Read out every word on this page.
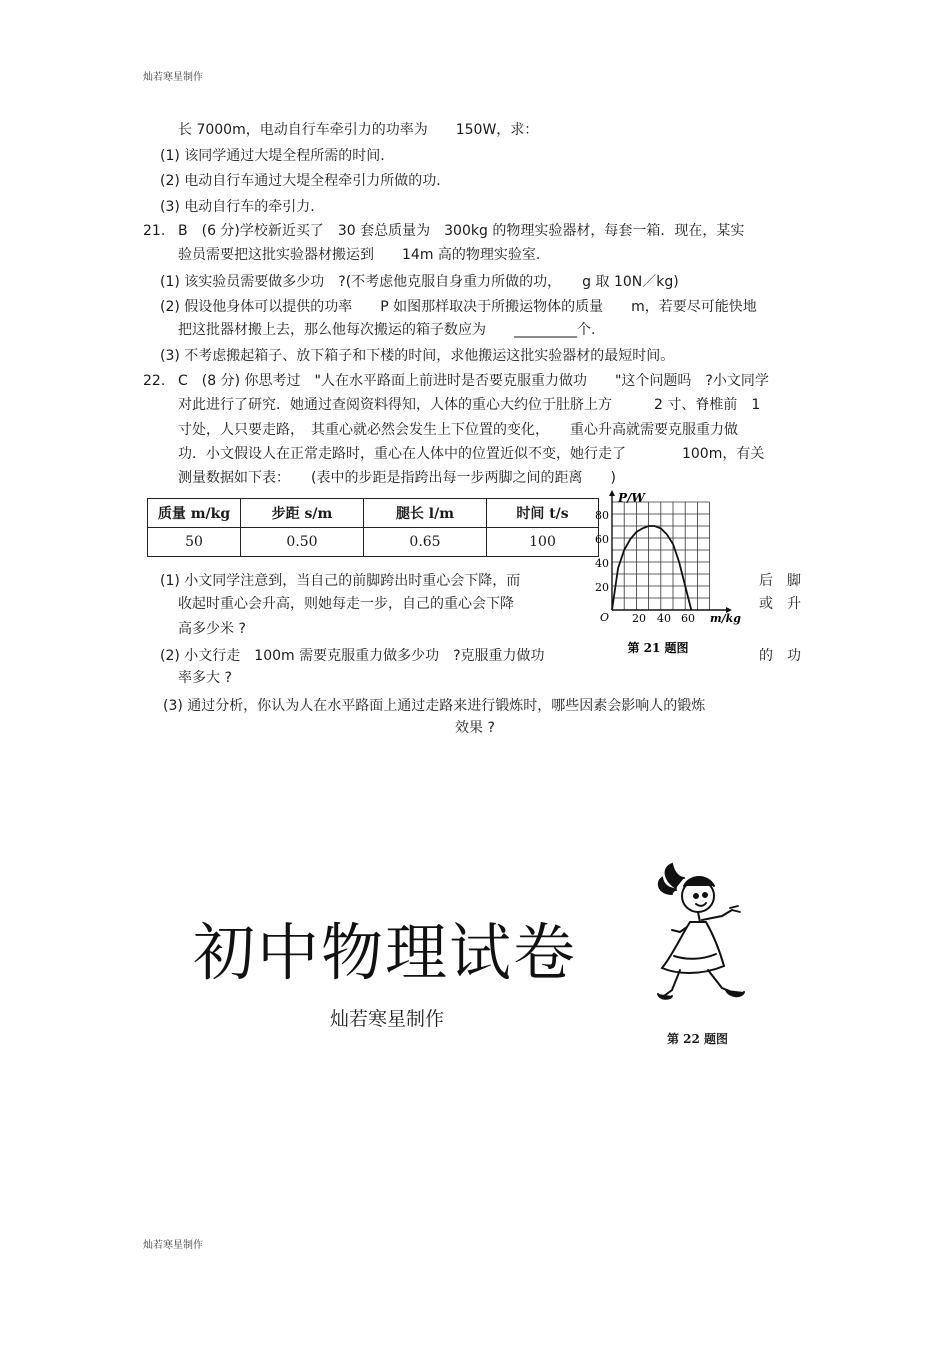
灿若寒星制作
灿若寒星制作
长 7000m，电动自行车牵引力的功率为　　150W，求：
(1) 该同学通过大堤全程所需的时间.
(2) 电动自行车通过大堤全程牵引力所做的功.
(3) 电动自行车的牵引力.
21. B　(6 分)学校新近买了　30 套总质量为　300kg 的物理实验器材，每套一箱．现在，某实
验员需要把这批实验器材搬运到　　14m 高的物理实验室.
(1) 该实验员需要做多少功　?(不考虑他克服自身重力所做的功，　　g 取 10N／kg)
(2) 假设他身体可以提供的功率　　P 如图那样取决于所搬运物体的质量　　m，若要尽可能快地
把这批器材搬上去，那么他每次搬运的箱子数应为　　_________个.
(3) 不考虑搬起箱子、放下箱子和下楼的时间，求他搬运这批实验器材的最短时间。
22. C　(8 分) 你思考过　"人在水平路面上前进时是否要克服重力做功　　"这个问题吗　?小文同学
对此进行了研究．她通过查阅资料得知，人体的重心大约位于肚脐上方　　　2 寸、脊椎前　1
寸处，人只要走路，　其重心就必然会发生上下位置的变化，　　重心升高就需要克服重力做
功．小文假设人在正常走路时，重心在人体中的位置近似不变，她行走了　　　　100m，有关
测量数据如下表：　　(表中的步距是指跨出每一步两脚之间的距离　　)
质量 m/kg	步距 s/m	腿长 l/m	时间 t/s
50	0.50	0.65	100
(1) 小文同学注意到，当自己的前脚跨出时重心会下降，而
收起时重心会升高，则她每走一步，自己的重心会下降
高多少米 ?
后　脚
或　升
(2) 小文行走　100m 需要克服重力做多少功　?克服重力做功
率多大 ?
的　功
(3) 通过分析，你认为人在水平路面上通过走路来进行锻炼时，哪些因素会影响人的锻炼
效果 ?
P/W
m/kg
O
20
40
60
80
20 40 60
第 21 题图
初中物理试卷
灿若寒星制作
第 22 题图
